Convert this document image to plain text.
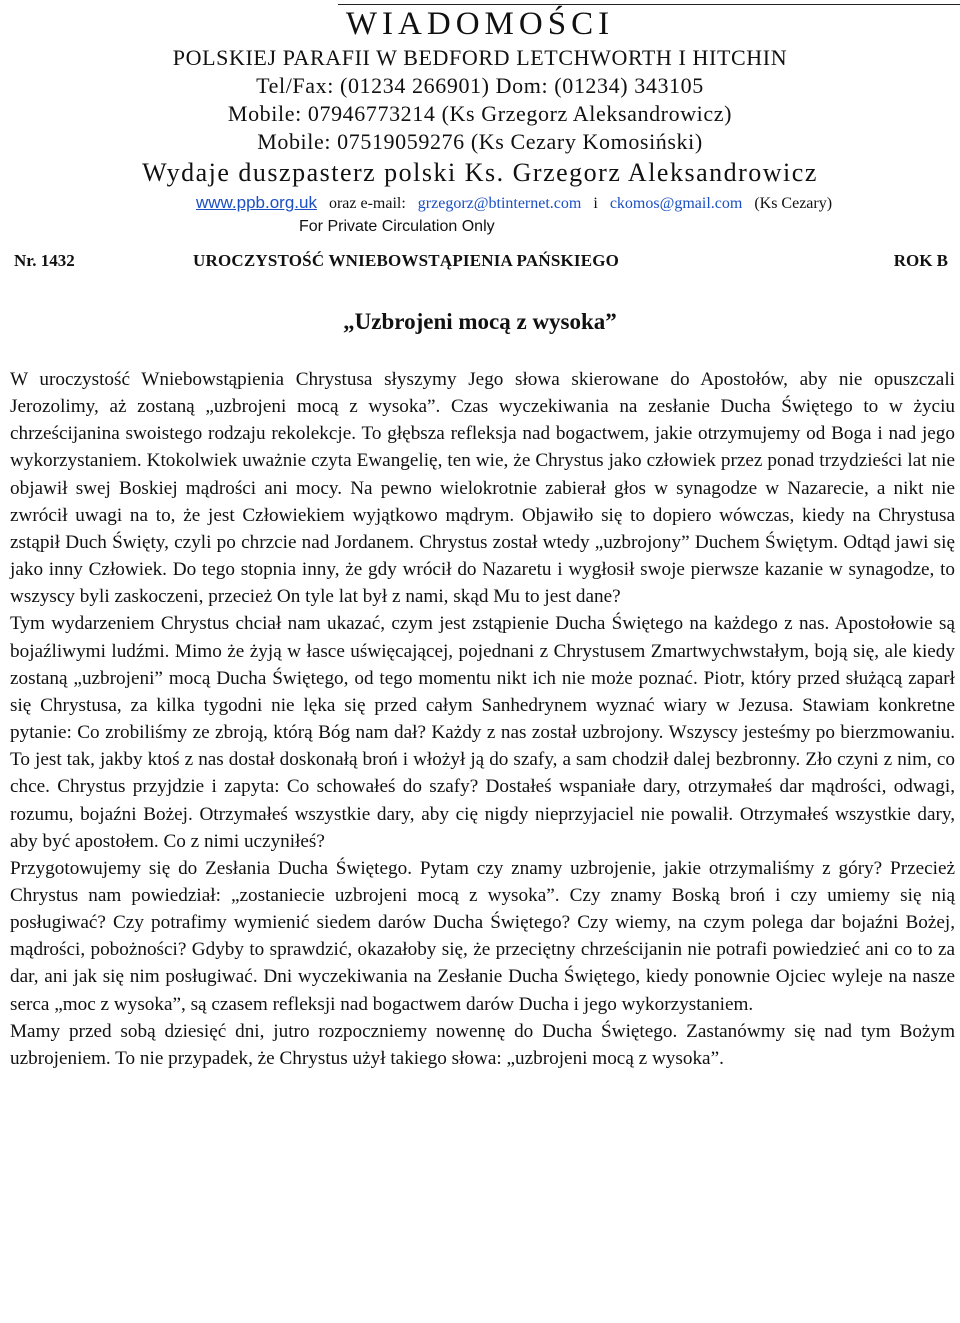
WIADOMOŚCI
POLSKIEJ PARAFII W BEDFORD LETCHWORTH I HITCHIN
Tel/Fax: (01234 266901) Dom: (01234) 343105
Mobile: 07946773214 (Ks Grzegorz Aleksandrowicz)
Mobile: 07519059276 (Ks Cezary Komosiński)
Wydaje duszpasterz polski Ks. Grzegorz Aleksandrowicz
www.ppb.org.uk oraz e-mail: grzegorz@btinternet.com i ckomos@gmail.com (Ks Cezary)
For Private Circulation Only
Nr. 1432	UROCZYSTOŚĆ WNIEBOWSTĄPIENIA PAŃSKIEGO	ROK B
„Uzbrojeni mocą z wysoka”

W uroczystość Wniebowstąpienia Chrystusa słyszymy Jego słowa skierowane do Apostołów, aby nie opuszczali Jerozolimy, aż zostaną „uzbrojeni mocą z wysoka”. Czas wyczekiwania na zesłanie Ducha Świętego to w życiu chrześcijanina swoistego rodzaju rekolekcje. To głębsza refleksja nad bogactwem, jakie otrzymujemy od Boga i nad jego wykorzystaniem. Ktokolwiek uważnie czyta Ewangelię, ten wie, że Chrystus jako człowiek przez ponad trzydzieści lat nie objawił swej Boskiej mądrości ani mocy. Na pewno wielokrotnie zabierał głos w synagodze w Nazarecie, a nikt nie zwrócił uwagi na to, że jest Człowiekiem wyjątkowo mądrym. Objawiło się to dopiero wówczas, kiedy na Chrystusa zstąpił Duch Święty, czyli po chrzcie nad Jordanem. Chrystus został wtedy „uzbrojony” Duchem Świętym. Odtąd jawi się jako inny Człowiek. Do tego stopnia inny, że gdy wrócił do Nazaretu i wygłosił swoje pierwsze kazanie w synagodze, to wszyscy byli zaskoczeni, przecież On tyle lat był z nami, skąd Mu to jest dane?

Tym wydarzeniem Chrystus chciał nam ukazać, czym jest zstąpienie Ducha Świętego na każdego z nas. Apostołowie są bojaźliwymi ludźmi. Mimo że żyją w łasce uświęcającej, pojednani z Chrystusem Zmartwychwstałym, boją się, ale kiedy zostaną „uzbrojeni” mocą Ducha Świętego, od tego momentu nikt ich nie może poznać. Piotr, który przed służącą zaparł się Chrystusa, za kilka tygodni nie lęka się przed całym Sanhedrynem wyznać wiary w Jezusa. Stawiam konkretne pytanie: Co zrobiliśmy ze zbroją, którą Bóg nam dał? Każdy z nas został uzbrojony. Wszyscy jesteśmy po bierzmowaniu. To jest tak, jakby ktoś z nas dostał doskonałą broń i włożył ją do szafy, a sam chodził dalej bezbronny. Zło czyni z nim, co chce. Chrystus przyjdzie i zapyta: Co schowałeś do szafy? Dostałeś wspaniałe dary, otrzymałeś dar mądrości, odwagi, rozumu, bojaźni Bożej. Otrzymałeś wszystkie dary, aby cię nigdy nieprzyjaciel nie powalił. Otrzymałeś wszystkie dary, aby być apostołem. Co z nimi uczyniłeś?

Przygotowujemy się do Zesłania Ducha Świętego. Pytam czy znamy uzbrojenie, jakie otrzymaliśmy z góry? Przecież Chrystus nam powiedział: „zostaniecie uzbrojeni mocą z wysoka”. Czy znamy Boską broń i czy umiemy się nią posługiwać? Czy potrafimy wymienić siedem darów Ducha Świętego? Czy wiemy, na czym polega dar bojaźni Bożej, mądrości, pobożności? Gdyby to sprawdzić, okazałoby się, że przeciętny chrześcijanin nie potrafi powiedzieć ani co to za dar, ani jak się nim posługiwać. Dni wyczekiwania na Zesłanie Ducha Świętego, kiedy ponownie Ojciec wyleje na nasze serca „moc z wysoka”, są czasem refleksji nad bogactwem darów Ducha i jego wykorzystaniem.

Mamy przed sobą dziesięć dni, jutro rozpoczniemy nowennę do Ducha Świętego. Zastanówmy się nad tym Bożym uzbrojeniem. To nie przypadek, że Chrystus użył takiego słowa: „uzbrojeni mocą z wysoka”.
